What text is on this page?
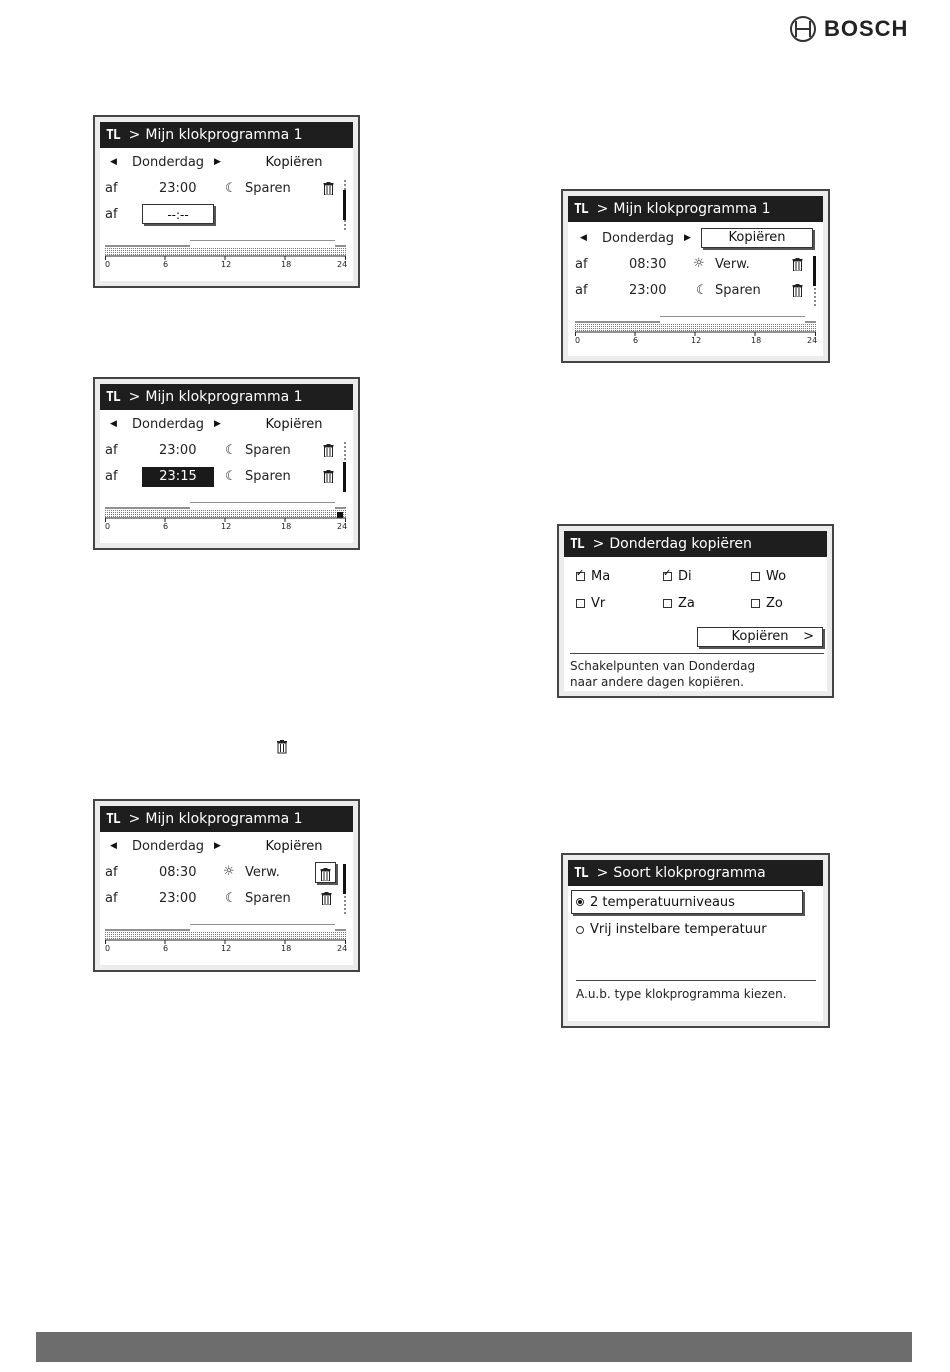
BOSCH
TL > Mijn klokprogramma 1
◀ Donderdag ▶	Kopiëren
af	23:00 ☾ Sparen
af	--:--
0	6	12	18	24
TL > Mijn klokprogramma 1
◀ Donderdag ▶	Kopiëren
af	23:00 ☾ Sparen
af	23:15	☾ Sparen
0	6	12	18	24
TL > Mijn klokprogramma 1
◀ Donderdag ▶	Kopiëren
af	08:30 ☼ Verw.
af	23:00 ☾ Sparen
0	6	12	18	24
TL > Mijn klokprogramma 1
◀ Donderdag ▶	Kopiëren
af	08:30 ☼ Verw.
af	23:00 ☾ Sparen
0	6	12	18	24
TL > Donderdag kopiëren
✓
Ma
✓	Di	Wo
Vr	Za	Zo
Kopiëren >
Schakelpunten van Donderdag
naar andere dagen kopiëren.
TL > Soort klokprogramma
2 temperatuurniveaus
Vrij instelbare temperatuur
A.u.b. type klokprogramma kiezen.
